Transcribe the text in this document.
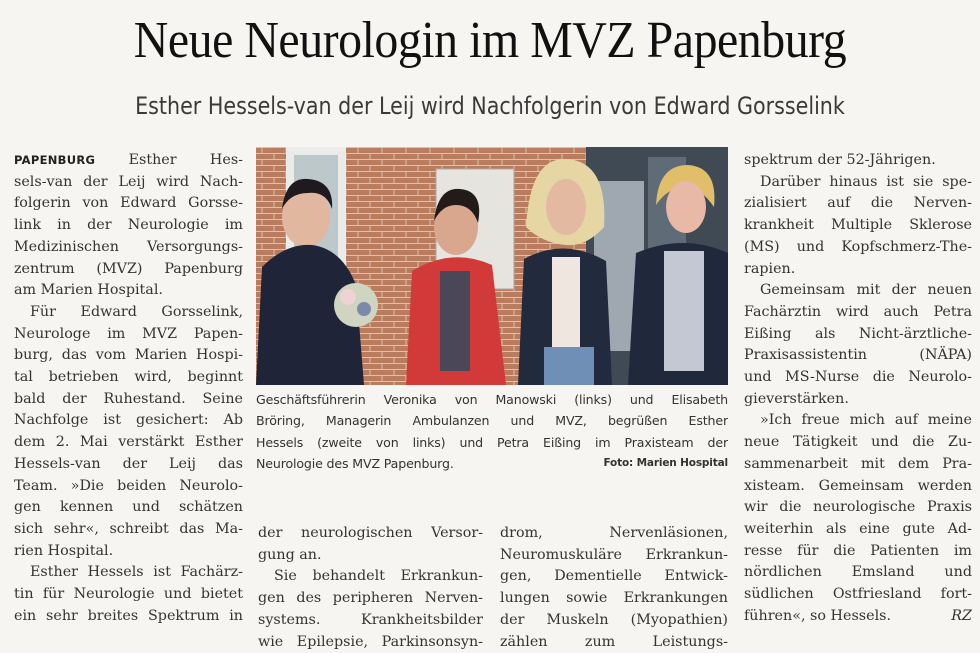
Neue Neurologin im MVZ Papenburg
Esther Hessels-van der Leij wird Nachfolgerin von Edward Gorsselink
PAPENBURG Esther Hes-
sels-van der Leij wird Nach-
folgerin von Edward Gorsse-
link in der Neurologie im
Medizinischen Versorgungs-
zentrum (MVZ) Papenburg
am Marien Hospital.
Für Edward Gorsselink,
Neurologe im MVZ Papen-
burg, das vom Marien Hospi-
tal betrieben wird, beginnt
bald der Ruhestand. Seine
Nachfolge ist gesichert: Ab
dem 2. Mai verstärkt Esther
Hessels-van der Leij das
Team. »Die beiden Neurolo-
gen kennen und schätzen
sich sehr«, schreibt das Ma-
rien Hospital.
Esther Hessels ist Fachärz-
tin für Neurologie und bietet
ein sehr breites Spektrum in
Geschäftsführerin Veronika von Manowski (links) und Elisabeth
Bröring, Managerin Ambulanzen und MVZ, begrüßen Esther
Hessels (zweite von links) und Petra Eißing im Praxisteam der
Neurologie des MVZ Papenburg.	Foto: Marien Hospital
der neurologischen Versor-
gung an.
Sie behandelt Erkrankun-
gen des peripheren Nerven-
systems. Krankheitsbilder
wie Epilepsie, Parkinsonsyn-
drom, Nervenläsionen,
Neuromuskuläre Erkrankun-
gen, Dementielle Entwick-
lungen sowie Erkrankungen
der Muskeln (Myopathien)
zählen zum Leistungs-
spektrum der 52-Jährigen.
Darüber hinaus ist sie spe-
zialisiert auf die Nerven-
krankheit Multiple Sklerose
(MS) und Kopfschmerz-The-
rapien.
Gemeinsam mit der neuen
Fachärztin wird auch Petra
Eißing als Nicht-ärztliche-
Praxisassistentin (NÄPA)
und MS-Nurse die Neurolo-
gieverstärken.
»Ich freue mich auf meine
neue Tätigkeit und die Zu-
sammenarbeit mit dem Pra-
xisteam. Gemeinsam werden
wir die neurologische Praxis
weiterhin als eine gute Ad-
resse für die Patienten im
nördlichen Emsland und
südlichen Ostfriesland fort-
führen«, so Hessels.	RZ
